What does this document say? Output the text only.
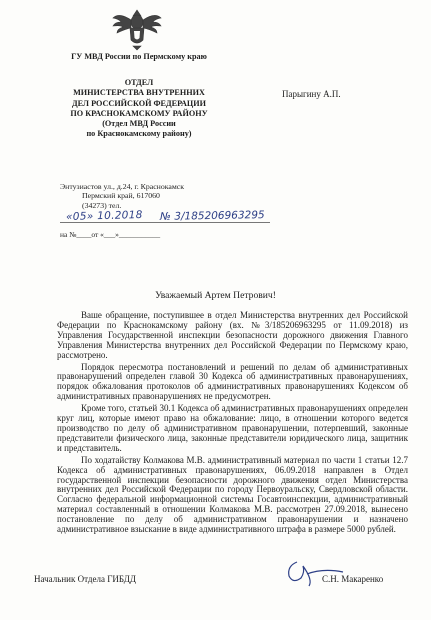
ГУ МВД России по Пермскому краю
ОТДЕЛ
МИНИСТЕРСТВА ВНУТРЕННИХ
ДЕЛ РОССИЙСКОЙ ФЕДЕРАЦИИ
ПО КРАСНОКАМСКОМУ РАЙОНУ
(Отдел МВД России
по Краснокамскому району)
Энтузиастов ул., д.24, г. Краснокамск
Пермский край, 617060
(34273) тел.
Парыгину А.П.
«05» 10.2018 № 3/185206963295
на №____от «___»___________
Уважаемый Артем Петрович!

Ваше обращение, поступившее в отдел Министерства внутренних дел Российской Федерации по Краснокамскому району (вх. №3/185206963295 от 11.09.2018) из Управления Государственной инспекции безопасности дорожного движения Главного Управления Министерства внутренних дел Российской Федерации по Пермскому краю, рассмотрено.

Порядок пересмотра постановлений и решений по делам об административных правонарушений определен главой 30 Кодекса об административных правонарушениях, порядок обжалования протоколов об административных правонарушениях Кодексом об административных правонарушениях не предусмотрен.

Кроме того, статьей 30.1 Кодекса об административных правонарушениях определен круг лиц, которые имеют право на обжалование: лицо, в отношении которого ведется производство по делу об административном правонарушении, потерпевший, законные представители физического лица, законные представители юридического лица, защитник и представитель.

По ходатайству Колмакова М.В. административный материал по части 1 статьи 12.7 Кодекса об административных правонарушениях, 06.09.2018 направлен в Отдел государственной инспекции безопасности дорожного движения отдел Министерства внутренних дел Российской Федерации по городу Первоуральску, Свердловской области. Согласно федеральной информационной системы Госавтоинспекции, административный материал составленный в отношении Колмакова М.В. рассмотрен 27.09.2018, вынесено постановление по делу об административном правонарушении и назначено административное взыскание в виде административного штрафа в размере 5000 рублей.

Начальник Отдела ГИБДД	С.Н. Макаренко
